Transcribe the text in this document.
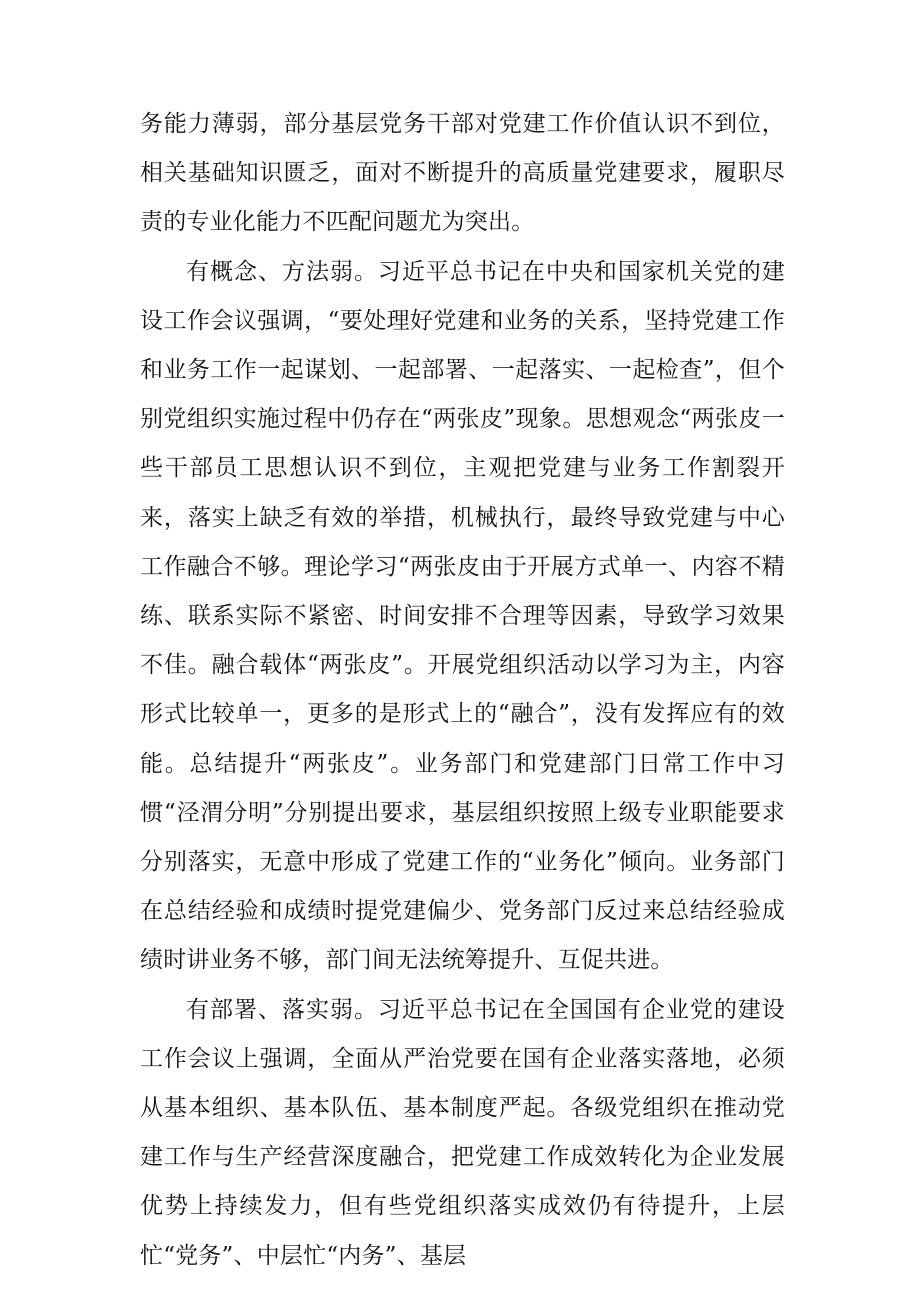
务能力薄弱，部分基层党务干部对党建工作价值认识不到位，相关基础知识匮乏，面对不断提升的高质量党建要求，履职尽责的专业化能力不匹配问题尤为突出。

有概念、方法弱。习近平总书记在中央和国家机关党的建设工作会议强调，“要处理好党建和业务的关系，坚持党建工作和业务工作一起谋划、一起部署、一起落实、一起检查”，但个别党组织实施过程中仍存在“两张皮”现象。思想观念“两张皮一些干部员工思想认识不到位，主观把党建与业务工作割裂开来，落实上缺乏有效的举措，机械执行，最终导致党建与中心工作融合不够。理论学习“两张皮由于开展方式单一、内容不精练、联系实际不紧密、时间安排不合理等因素，导致学习效果不佳。融合载体“两张皮”。开展党组织活动以学习为主，内容形式比较单一，更多的是形式上的“融合”，没有发挥应有的效能。总结提升“两张皮”。业务部门和党建部门日常工作中习惯“泾渭分明”分别提出要求，基层组织按照上级专业职能要求分别落实，无意中形成了党建工作的“业务化”倾向。业务部门在总结经验和成绩时提党建偏少、党务部门反过来总结经验成绩时讲业务不够，部门间无法统筹提升、互促共进。

有部署、落实弱。习近平总书记在全国国有企业党的建设工作会议上强调，全面从严治党要在国有企业落实落地，必须从基本组织、基本队伍、基本制度严起。各级党组织在推动党建工作与生产经营深度融合，把党建工作成效转化为企业发展优势上持续发力，但有些党组织落实成效仍有待提升，上层忙“党务”、中层忙“内务”、基层
